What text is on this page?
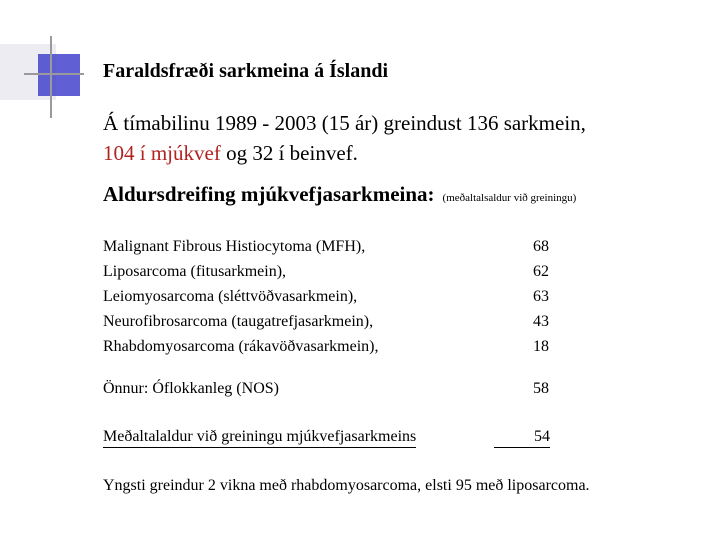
Faraldsfræði sarkmeina á Íslandi
Á tímabilinu 1989 - 2003 (15 ár) greindust 136 sarkmein,
104 í mjúkvef og 32 í beinvef.
Aldursdreifing mjúkvefjasarkmeina: (meðaltalsaldur við greiningu)
Malignant Fibrous Histiocytoma (MFH),
Liposarcoma (fitusarkmein),
Leiomyosarcoma (sléttvöðvasarkmein),
Neurofibrosarcoma (taugatrefjasarkmein),
Rhabdomyosarcoma (rákavöðvasarkmein),
68
62
63
43
18
Önnur: Óflokkanleg (NOS)	58
Meðaltalaldur við greiningu mjúkvefjasarkmeins	54
Yngsti greindur 2 vikna með rhabdomyosarcoma, elsti 95 með liposarcoma.
